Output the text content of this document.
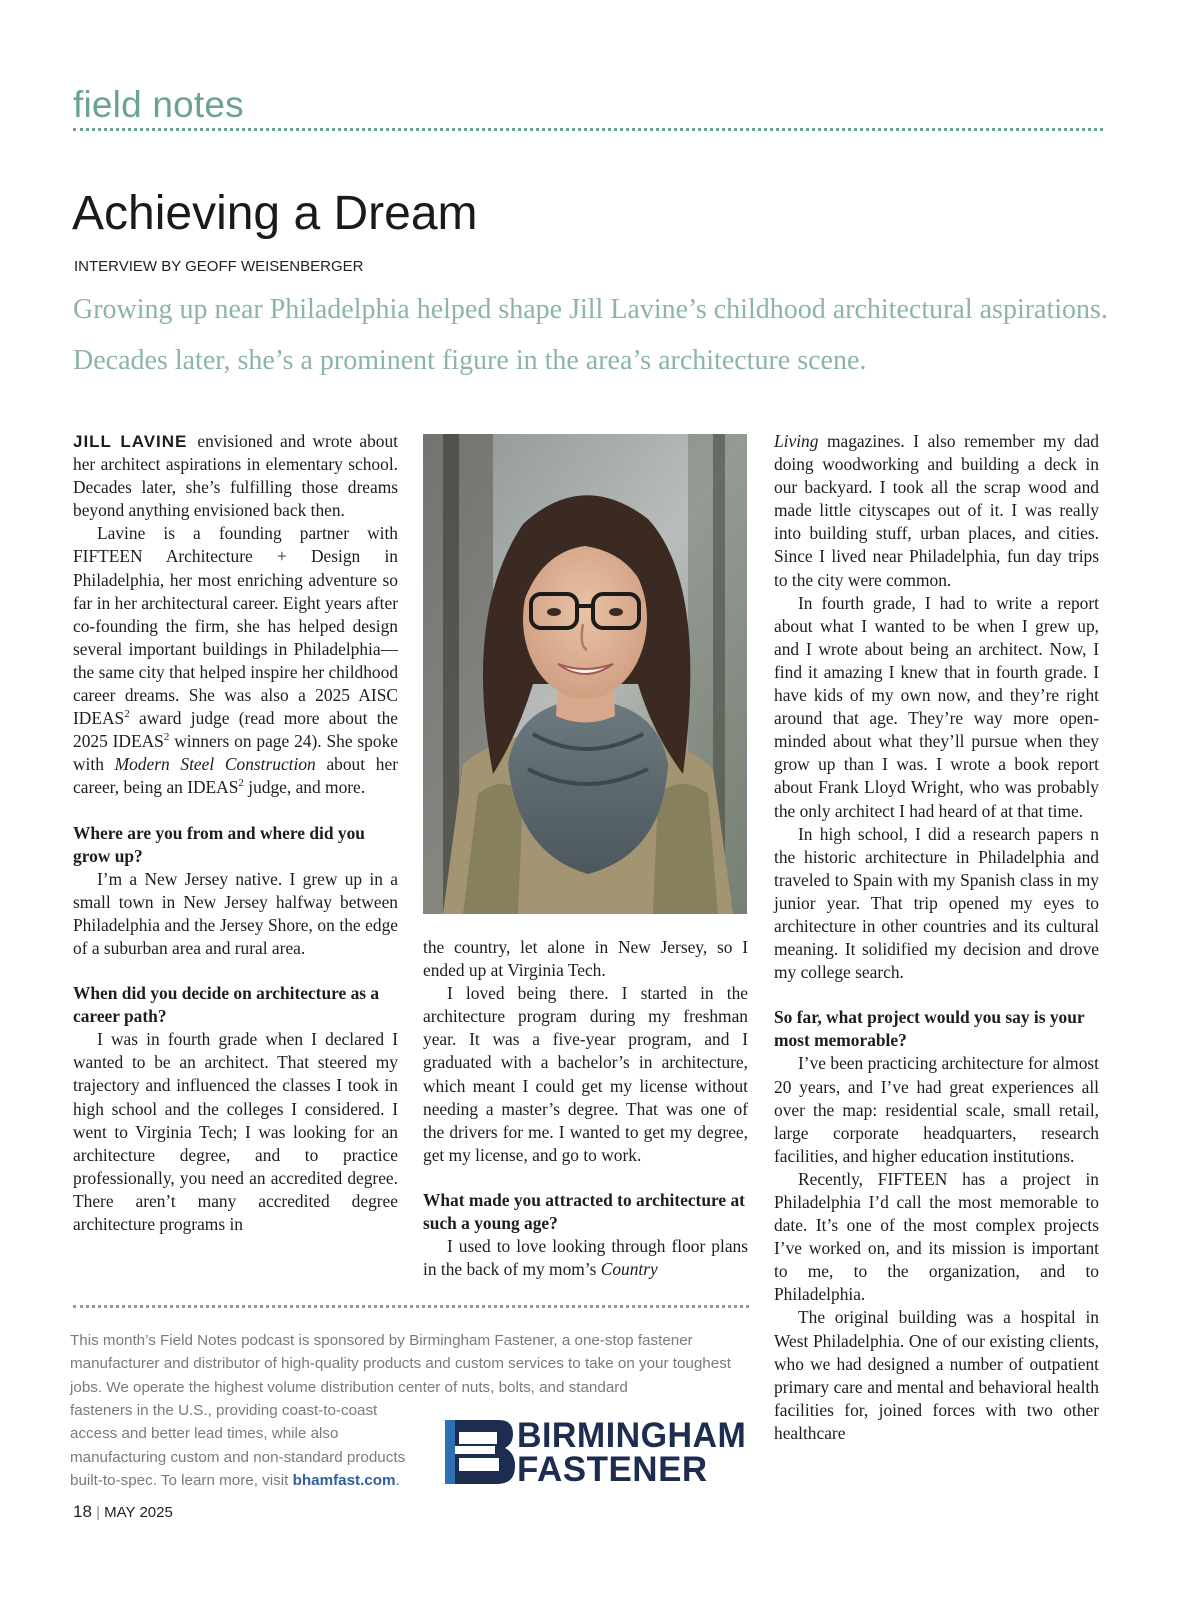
field notes
Achieving a Dream
INTERVIEW BY GEOFF WEISENBERGER
Growing up near Philadelphia helped shape Jill Lavine’s childhood architectural aspirations. Decades later, she’s a prominent figure in the area’s architecture scene.

JILL LAVINE envisioned and wrote about her architect aspirations in elementary school. Decades later, she’s fulfilling those dreams beyond anything envisioned back then.

Lavine is a founding partner with FIFTEEN Architecture + Design in Philadelphia, her most enriching adventure so far in her architectural career. Eight years after co-founding the firm, she has helped design several important buildings in Philadelphia—the same city that helped inspire her childhood career dreams. She was also a 2025 AISC IDEAS$^2$ award judge (read more about the 2025 IDEAS$^2$ winners on page 24). She spoke with Modern Steel Construction about her career, being an IDEAS$^2$ judge, and more.

Where are you from and where did you grow up?

I’m a New Jersey native. I grew up in a small town in New Jersey halfway between Philadelphia and the Jersey Shore, on the edge of a suburban area and rural area.

When did you decide on architecture as a career path?

I was in fourth grade when I declared I wanted to be an architect. That steered my trajectory and influenced the classes I took in high school and the colleges I considered. I went to Virginia Tech; I was looking for an architecture degree, and to practice professionally, you need an accredited degree. There aren’t many accredited degree architecture programs in

the country, let alone in New Jersey, so I ended up at Virginia Tech.

I loved being there. I started in the architecture program during my freshman year. It was a five-year program, and I graduated with a bachelor’s in architecture, which meant I could get my license without needing a master’s degree. That was one of the drivers for me. I wanted to get my degree, get my license, and go to work.

What made you attracted to architecture at such a young age?

I used to love looking through floor plans in the back of my mom’s Country

Living magazines. I also remember my dad doing woodworking and building a deck in our backyard. I took all the scrap wood and made little cityscapes out of it. I was really into building stuff, urban places, and cities. Since I lived near Philadelphia, fun day trips to the city were common.

In fourth grade, I had to write a report about what I wanted to be when I grew up, and I wrote about being an architect. Now, I find it amazing I knew that in fourth grade. I have kids of my own now, and they’re right around that age. They’re way more open-minded about what they’ll pursue when they grow up than I was. I wrote a book report about Frank Lloyd Wright, who was probably the only architect I had heard of at that time.

In high school, I did a research papers n the historic architecture in Philadelphia and traveled to Spain with my Spanish class in my junior year. That trip opened my eyes to architecture in other countries and its cultural meaning. It solidified my decision and drove my college search.

So far, what project would you say is your most memorable?

I’ve been practicing architecture for almost 20 years, and I’ve had great experiences all over the map: residential scale, small retail, large corporate headquarters, research facilities, and higher education institutions.

Recently, FIFTEEN has a project in Philadelphia I’d call the most memorable to date. It’s one of the most complex projects I’ve worked on, and its mission is important to me, to the organization, and to Philadelphia.

The original building was a hospital in West Philadelphia. One of our existing clients, who we had designed a number of outpatient primary care and mental and behavioral health facilities for, joined forces with two other healthcare

This month’s Field Notes podcast is sponsored by Birmingham Fastener, a one-stop fastener manufacturer and distributor of high-quality products and custom services to take on your toughest jobs. We operate the highest volume distribution center of nuts, bolts, and standard
fasteners in the U.S., providing coast-to-coast access and better lead times, while also manufacturing custom and non-standard products built-to-spec. To learn more, visit bhamfast.com.
BIRMINGHAM
FASTENER
18 | MAY 2025
